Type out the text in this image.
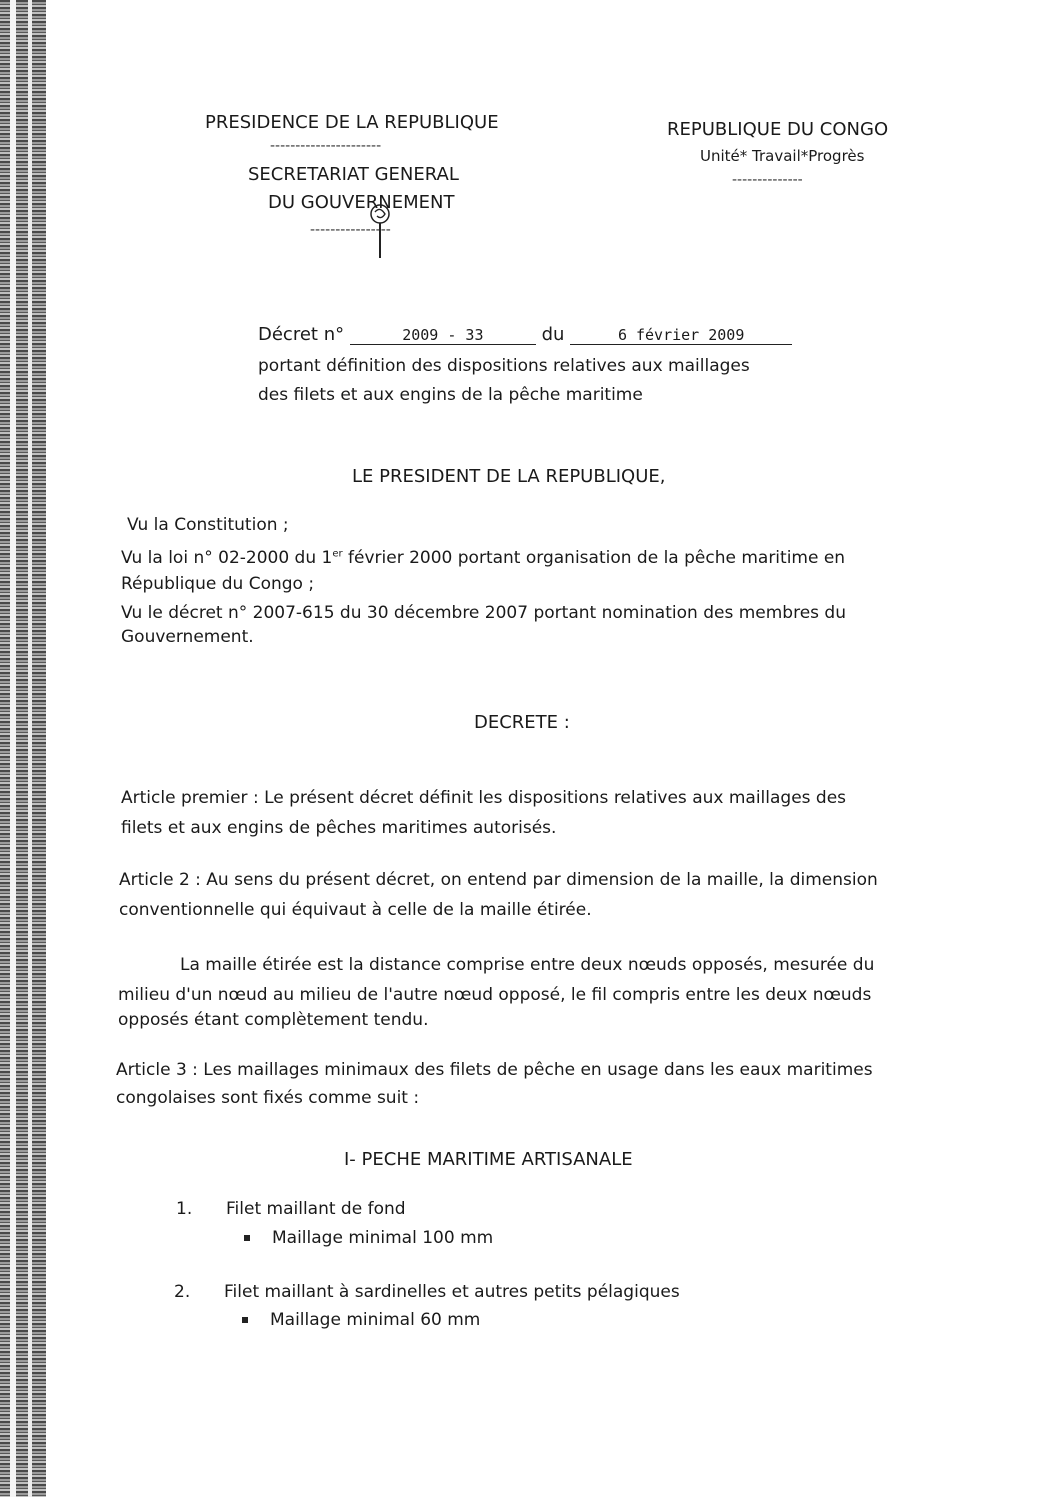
PRESIDENCE DE LA REPUBLIQUE
----------------------
SECRETARIAT GENERAL
DU GOUVERNEMENT
----------------
REPUBLIQUE DU CONGO
Unité* Travail*Progrès
--------------
Décret n°	2009 - 33	du	6 février 2009
portant définition des dispositions relatives aux maillages
des filets et aux engins de la pêche maritime
LE PRESIDENT DE LA REPUBLIQUE,
Vu la Constitution ;
Vu la loi n° 02-2000 du 1er février 2000 portant organisation de la pêche maritime en
République du Congo ;
Vu le décret n° 2007-615 du 30 décembre 2007 portant nomination des membres du
Gouvernement.
DECRETE :
Article premier : Le présent décret définit les dispositions relatives aux maillages des
filets et aux engins de pêches maritimes autorisés.
Article 2 : Au sens du présent décret, on entend par dimension de la maille, la dimension
conventionnelle qui équivaut à celle de la maille étirée.
La maille étirée est la distance comprise entre deux nœuds opposés, mesurée du
milieu d'un nœud au milieu de l'autre nœud opposé, le fil compris entre les deux nœuds
opposés étant complètement tendu.
Article 3 : Les maillages minimaux des filets de pêche en usage dans les eaux maritimes
congolaises sont fixés comme suit :
I- PECHE MARITIME ARTISANALE
1. Filet maillant de fond
Maillage minimal 100 mm
2. Filet maillant à sardinelles et autres petits pélagiques
Maillage minimal 60 mm
